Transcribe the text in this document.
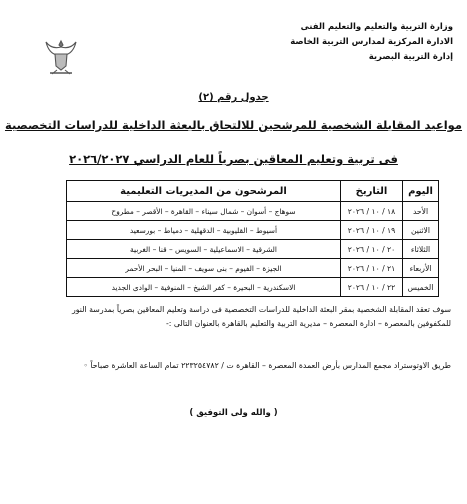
وزارة التربية والتعليم والتعليم الفنى
الادارة المركزية لمدارس التربية الخاصة
إدارة التربية البصرية
جدول رقم (٢)
مواعيد المقابلة الشخصية للمرشحين للالتحاق بالبعثة الداخلية للدراسات التخصصية
فى تربية وتعليم المعاقين بصرياً للعام الدراسي ٢٠٢٦/٢٠٢٧
اليوم	التاريخ	المرشحون من المديريات التعليمية
الأحد	١٨ / ١٠ / ٢٠٢٦	سوهاج – أسوان – شمال سيناء – القاهرة – الأقصر – مطروح
الاثنين	١٩ / ١٠ / ٢٠٢٦	أسيوط – القليوبية – الدقهلية – دمياط – بورسعيد
الثلاثاء	٢٠ / ١٠ / ٢٠٢٦	الشرقية – الاسماعيلية – السويس – قنا – الغربية
الأربعاء	٢١ / ١٠ / ٢٠٢٦	الجيزة – الفيوم – بنى سويف – المنيا – البحر الأحمر
الخميس	٢٢ / ١٠ / ٢٠٢٦	الاسكندرية – البحيرة – كفر الشيخ – المنوفية – الوادى الجديد
سوف تعقد المقابلة الشخصية بمقر البعثة الداخلية للدراسات التخصصية فى دراسة وتعليم المعاقين بصرياً بمدرسة النور
للمكفوفين بالمعصرة – ادارة المعصرة – مديرية التربية والتعليم بالقاهرة بالعنوان التالى :-
طريق الاوتوستراد مجمع المدارس بأرض العمدة المعصرة – القاهرة ت / ٢٢٣٢٥٤٧٨٢ تمام الساعة العاشرة صباحاً ◦
( والله ولى التوفيق )
